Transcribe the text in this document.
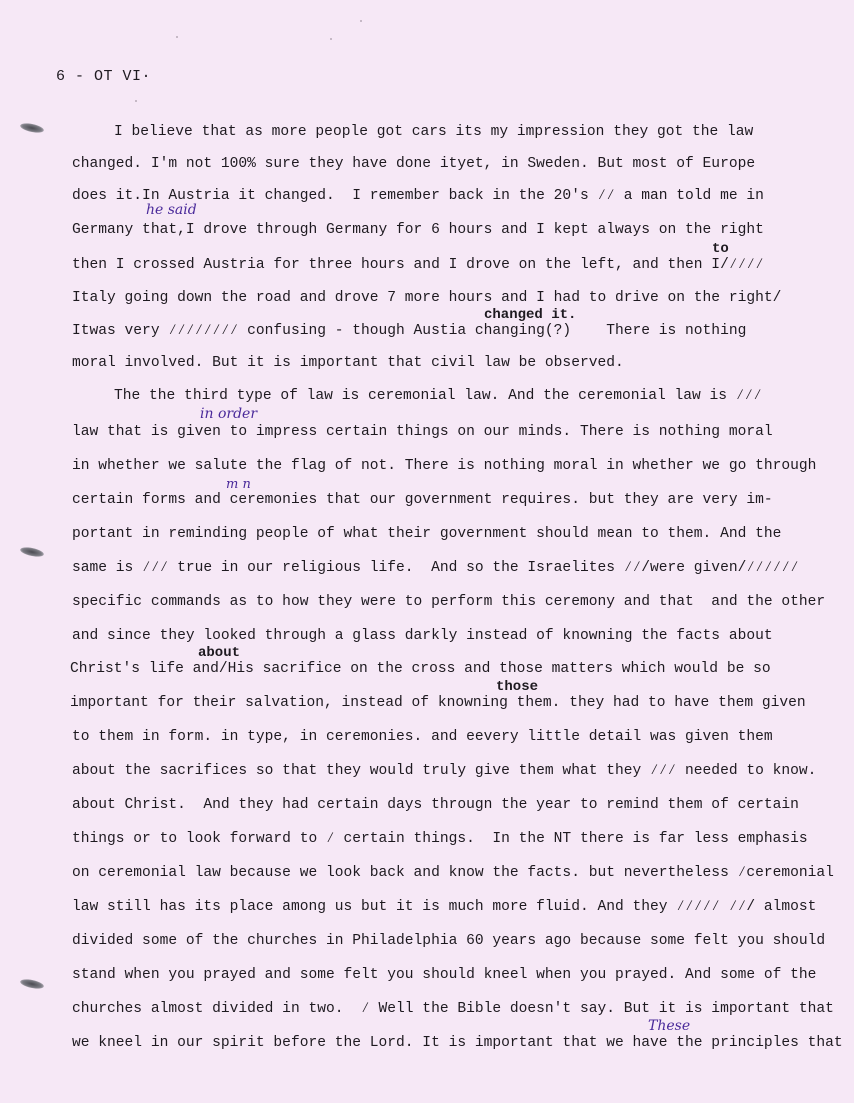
6 - OT VI·
I believe that as more people got cars its my impression they got the law
changed. I'm not 100% sure they have done ityet, in Sweden. But most of Europe
does it.In Austria it changed.  I remember back in the 20's ∕∕ a man told me in
Germany that,I drove through Germany for 6 hours and I kept always on the right
then I crossed Austria for three hours and I drove on the left, and then I/∕∕∕∕
Italy going down the road and drove 7 more hours and I had to drive on the right/
Itwas very ∕∕∕∕∕∕∕∕ confusing - though Austia changing(?)    There is nothing
moral involved. But it is important that civil law be observed.
The the third type of law is ceremonial law. And the ceremonial law is ∕∕∕
law that is given to impress certain things on our minds. There is nothing moral
in whether we salute the flag of not. There is nothing moral in whether we go through
certain forms and ceremonies that our government requires. but they are very im-
portant in reminding people of what their government should mean to them. And the
same is ∕∕∕ true in our religious life.  And so the Israelites ∕∕/were given/∕∕∕∕∕∕
specific commands as to how they were to perform this ceremony and that  and the other
and since they looked through a glass darkly instead of knowning the facts about
Christ's life and/His sacrifice on the cross and those matters which would be so
important for their salvation, instead of knowning them. they had to have them given
to them in form. in type, in ceremonies. and eevery little detail was given them
about the sacrifices so that they would truly give them what they ∕∕∕ needed to know.
about Christ.  And they had certain days througn the year to remind them of certain
things or to look forward to ∕ certain things.  In the NT there is far less emphasis
on ceremonial law because we look back and know the facts. but nevertheless ∕ceremonial
law still has its place among us but it is much more fluid. And they ∕∕∕∕∕ ∕∕/ almost
divided some of the churches in Philadelphia 60 years ago because some felt you should
stand when you prayed and some felt you should kneel when you prayed. And some of the
churches almost divided in two.  ∕ Well the Bible doesn't say. But it is important that
we kneel in our spirit before the Lord. It is important that we have the principles that
to
changed it.
about
those
he said
in order
m n
These
